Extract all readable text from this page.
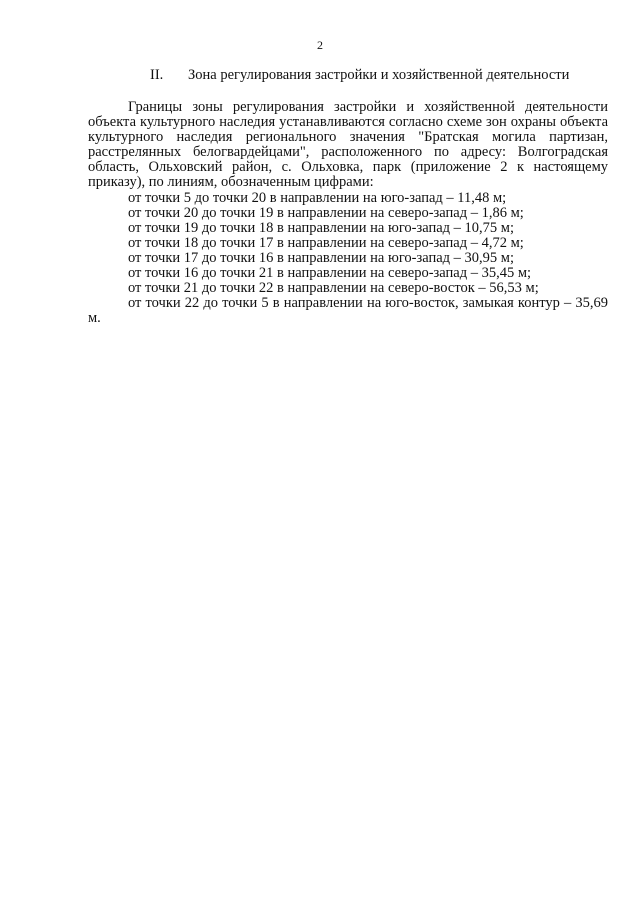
2
II. Зона регулирования застройки и хозяйственной деятельности

Границы зоны регулирования застройки и хозяйственной деятельности объекта культурного наследия устанавливаются согласно схеме зон охраны объекта культурного наследия регионального значения "Братская могила партизан, расстрелянных белогвардейцами", расположенного по адресу: Волгоградская область, Ольховский район, с. Ольховка, парк (приложение 2 к настоящему приказу), по линиям, обозначенным цифрами:

от точки 5 до точки 20 в направлении на юго-запад – 11,48 м;
от точки 20 до точки 19 в направлении на северо-запад – 1,86 м;
от точки 19 до точки 18 в направлении на юго-запад – 10,75 м;
от точки 18 до точки 17 в направлении на северо-запад – 4,72 м;
от точки 17 до точки 16 в направлении на юго-запад – 30,95 м;
от точки 16 до точки 21 в направлении на северо-запад – 35,45 м;
от точки 21 до точки 22 в направлении на северо-восток – 56,53 м;
от точки 22 до точки 5 в направлении на юго-восток, замыкая контур – 35,69 м.
